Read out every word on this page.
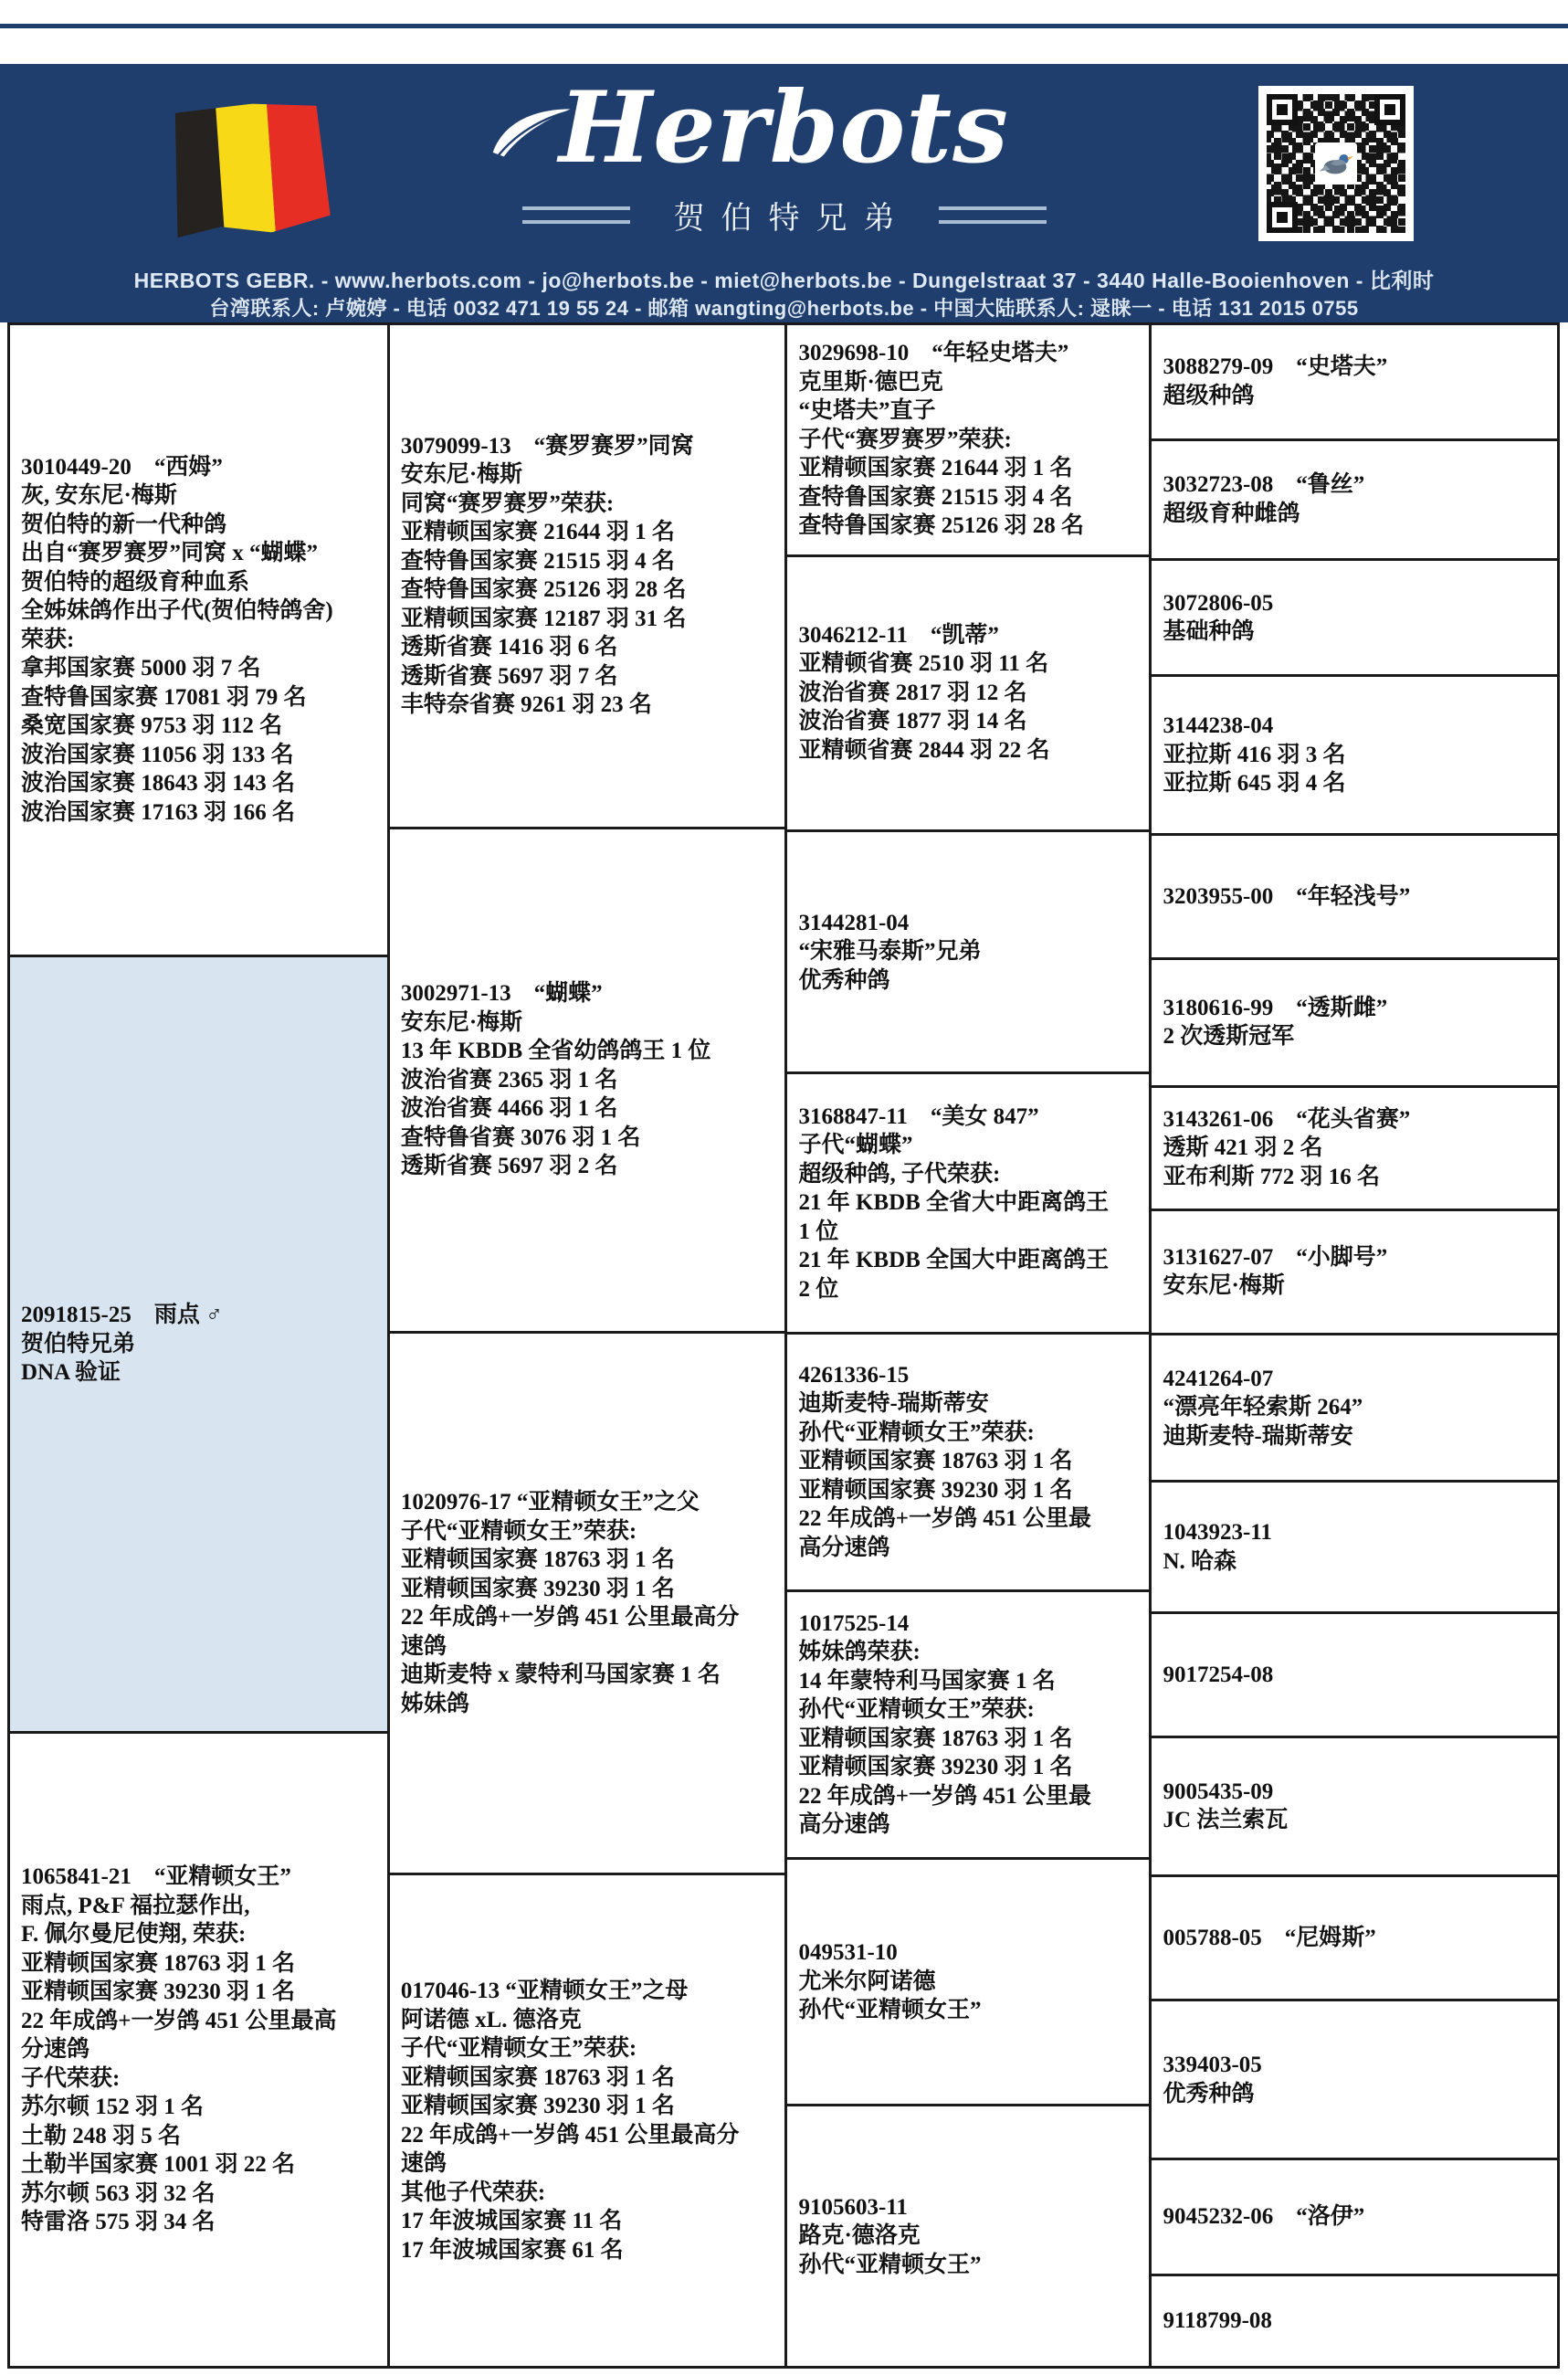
Herbots
贺伯特兄弟
HERBOTS GEBR. - www.herbots.com - jo@herbots.be - miet@herbots.be - Dungelstraat 37 - 3440 Halle-Booienhoven - 比利时
台湾联系人: 卢婉婷 - 电话 0032 471 19 55 24 - 邮箱 wangting@herbots.be - 中国大陆联系人: 逯睐一 - 电话 131 2015 0755
3010449-20　“西姆”
灰, 安东尼·梅斯
贺伯特的新一代种鸽
出自“赛罗赛罗”同窝 x “蝴蝶”
贺伯特的超级育种血系
全姊妹鸽作出子代(贺伯特鸽舍)
荣获:
拿邦国家赛 5000 羽 7 名
查特鲁国家赛 17081 羽 79 名
桑宽国家赛 9753 羽 112 名
波治国家赛 11056 羽 133 名
波治国家赛 18643 羽 143 名
波治国家赛 17163 羽 166 名
2091815-25　雨点 ♂
贺伯特兄弟
DNA 验证
1065841-21　“亚精顿女王”
雨点, P&F 福拉瑟作出,
F. 佩尔曼尼使翔, 荣获:
亚精顿国家赛 18763 羽 1 名
亚精顿国家赛 39230 羽 1 名
22 年成鸽+一岁鸽 451 公里最高
分速鸽
子代荣获:
苏尔顿 152 羽 1 名
土勒 248 羽 5 名
土勒半国家赛 1001 羽 22 名
苏尔顿 563 羽 32 名
特雷洛 575 羽 34 名
3079099-13　“赛罗赛罗”同窝
安东尼·梅斯
同窝“赛罗赛罗”荣获:
亚精顿国家赛 21644 羽 1 名
查特鲁国家赛 21515 羽 4 名
查特鲁国家赛 25126 羽 28 名
亚精顿国家赛 12187 羽 31 名
透斯省赛 1416 羽 6 名
透斯省赛 5697 羽 7 名
丰特奈省赛 9261 羽 23 名
3002971-13　“蝴蝶”
安东尼·梅斯
13 年 KBDB 全省幼鸽鸽王 1 位
波治省赛 2365 羽 1 名
波治省赛 4466 羽 1 名
查特鲁省赛 3076 羽 1 名
透斯省赛 5697 羽 2 名
1020976-17 “亚精顿女王”之父
子代“亚精顿女王”荣获:
亚精顿国家赛 18763 羽 1 名
亚精顿国家赛 39230 羽 1 名
22 年成鸽+一岁鸽 451 公里最高分
速鸽
迪斯麦特 x 蒙特利马国家赛 1 名
姊妹鸽
017046-13 “亚精顿女王”之母
阿诺德 xL. 德洛克
子代“亚精顿女王”荣获:
亚精顿国家赛 18763 羽 1 名
亚精顿国家赛 39230 羽 1 名
22 年成鸽+一岁鸽 451 公里最高分
速鸽
其他子代荣获:
17 年波城国家赛 11 名
17 年波城国家赛 61 名
3029698-10　“年轻史塔夫”
克里斯·德巴克
“史塔夫”直子
子代“赛罗赛罗”荣获:
亚精顿国家赛 21644 羽 1 名
查特鲁国家赛 21515 羽 4 名
查特鲁国家赛 25126 羽 28 名
3046212-11　“凯蒂”
亚精顿省赛 2510 羽 11 名
波治省赛 2817 羽 12 名
波治省赛 1877 羽 14 名
亚精顿省赛 2844 羽 22 名
3144281-04
“宋雅马泰斯”兄弟
优秀种鸽
3168847-11　“美女 847”
子代“蝴蝶”
超级种鸽, 子代荣获:
21 年 KBDB 全省大中距离鸽王
1 位
21 年 KBDB 全国大中距离鸽王
2 位
4261336-15
迪斯麦特-瑞斯蒂安
孙代“亚精顿女王”荣获:
亚精顿国家赛 18763 羽 1 名
亚精顿国家赛 39230 羽 1 名
22 年成鸽+一岁鸽 451 公里最
高分速鸽
1017525-14
姊妹鸽荣获:
14 年蒙特利马国家赛 1 名
孙代“亚精顿女王”荣获:
亚精顿国家赛 18763 羽 1 名
亚精顿国家赛 39230 羽 1 名
22 年成鸽+一岁鸽 451 公里最
高分速鸽
049531-10
尤米尔阿诺德
孙代“亚精顿女王”
9105603-11
路克·德洛克
孙代“亚精顿女王”
3088279-09　“史塔夫”
超级种鸽
3032723-08　“鲁丝”
超级育种雌鸽
3072806-05
基础种鸽
3144238-04
亚拉斯 416 羽 3 名
亚拉斯 645 羽 4 名
3203955-00　“年轻浅号”
3180616-99　“透斯雌”
2 次透斯冠军
3143261-06　“花头省赛”
透斯 421 羽 2 名
亚布利斯 772 羽 16 名
3131627-07　“小脚号”
安东尼·梅斯
4241264-07
“漂亮年轻索斯 264”
迪斯麦特-瑞斯蒂安
1043923-11
N. 哈森
9017254-08
9005435-09
JC 法兰索瓦
005788-05　“尼姆斯”
339403-05
优秀种鸽
9045232-06　“洛伊”
9118799-08
